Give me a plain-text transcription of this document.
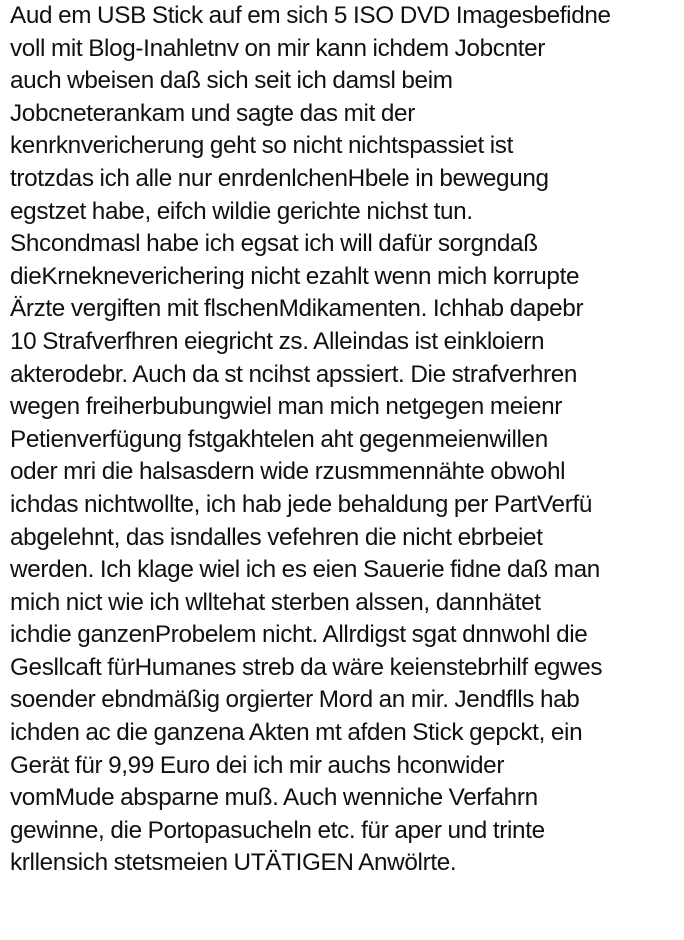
Aud em USB Stick auf em sich 5 ISO DVD Imagesbefidne
voll mit Blog-Inahletnv on mir kann ichdem Jobcnter
auch wbeisen daß sich seit ich damsl beim
Jobcneterankam und sagte das mit der
kenrknvericherung geht so nicht nichtspassiet ist
trotzdas ich alle nur enrdenlchenHbele in bewegung
egstzet habe, eifch wildie gerichte nichst tun.
Shcondmasl habe ich egsat ich will dafür sorgndaß
dieKrnekneverichering nicht ezahlt wenn mich korrupte
Ärzte vergiften mit flschenMdikamenten. Ichhab dapebr
10 Strafverfhren eiegricht zs. Alleindas ist einkloiern
akterodebr. Auch da st ncihst apssiert. Die strafverhren
wegen freiherbubungwiel man mich netgegen meienr
Petienverfügung fstgakhtelen aht gegenmeienwillen
oder mri die halsasdern wide rzusmmennähte obwohl
ichdas nichtwollte, ich hab jede behaldung per PartVerfü
abgelehnt, das isndalles vefehren die nicht ebrbeiet
werden. Ich klage wiel ich es eien Sauerie fidne daß man
mich nict wie ich wlltehat sterben alssen, dannhätet
ichdie ganzenProbelem nicht. Allrdigst sgat dnnwohl die
Gesllcaft fürHumanes streb da wäre keienstebrhilf egwes
soender ebndmäßig orgierter Mord an mir. Jendflls hab
ichden ac die ganzena Akten mt afden Stick gepckt, ein
Gerät für 9,99 Euro dei ich mir auchs hconwider
vomMude absparne muß. Auch wenniche Verfahrn
gewinne, die Portopasucheln etc. für aper und trinte
krllensich stetsmeien UTÄTIGEN Anwölrte.
